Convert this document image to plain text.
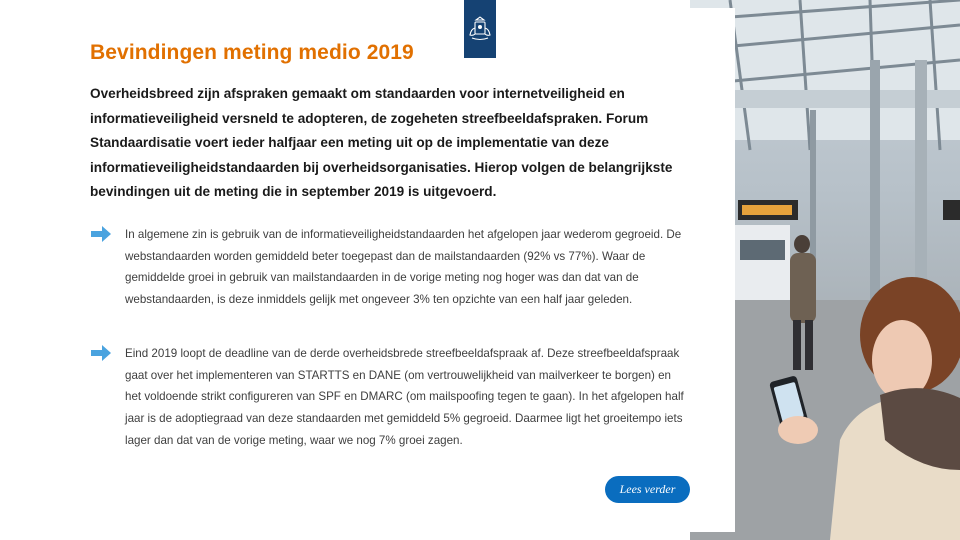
Bevindingen meting medio 2019

Overheidsbreed zijn afspraken gemaakt om standaarden voor internetveiligheid en informatieveiligheid versneld te adopteren, de zogeheten streefbeeldafspraken. Forum Standaardisatie voert ieder halfjaar een meting uit op de implementatie van deze informatieveiligheidstandaarden bij overheidsorganisaties. Hierop volgen de belangrijkste bevindingen uit de meting die in september 2019 is uitgevoerd.

In algemene zin is gebruik van de informatieveiligheidstandaarden het afgelopen jaar wederom gegroeid. De webstandaarden worden gemiddeld beter toegepast dan de mailstandaarden (92% vs 77%). Waar de gemiddelde groei in gebruik van mailstandaarden in de vorige meting nog hoger was dan dat van de webstandaarden, is deze inmiddels gelijk met ongeveer 3% ten opzichte van een half jaar geleden.

Eind 2019 loopt de deadline van de derde overheidsbrede streefbeeldafspraak af. Deze streefbeeldafspraak gaat over het implementeren van STARTTS en DANE (om vertrouwelijkheid van mailverkeer te borgen) en het voldoende strikt configureren van SPF en DMARC (om mailspoofing tegen te gaan). In het afgelopen half jaar is de adoptiegraad van deze standaarden met gemiddeld 5% gegroeid. Daarmee ligt het groeitempo iets lager dan dat van de vorige meting, waar we nog 7% groei zagen.

Lees verder
